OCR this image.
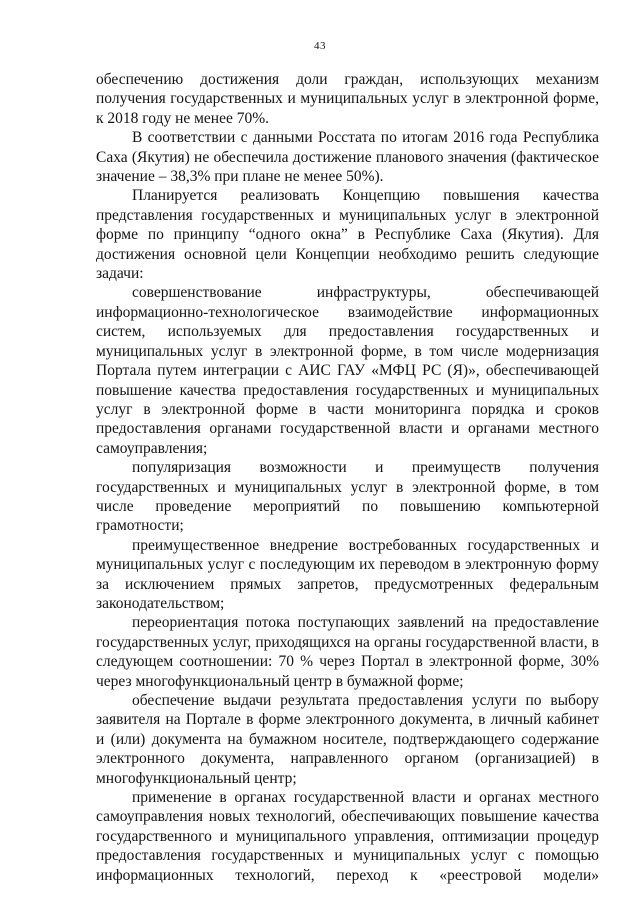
43

обеспечению достижения доли граждан, использующих механизм получения государственных и муниципальных услуг в электронной форме, к 2018 году не менее 70%.

В соответствии с данными Росстата по итогам 2016 года Республика Саха (Якутия) не обеспечила достижение планового значения (фактическое значение – 38,3% при плане не менее 50%).

Планируется реализовать Концепцию повышения качества представления государственных и муниципальных услуг в электронной форме по принципу “одного окна” в Республике Саха (Якутия). Для достижения основной цели Концепции необходимо решить следующие задачи:

совершенствование инфраструктуры, обеспечивающей информационно-технологическое взаимодействие информационных систем, используемых для предоставления государственных и муниципальных услуг в электронной форме, в том числе модернизация Портала путем интеграции с АИС ГАУ «МФЦ РС (Я)», обеспечивающей повышение качества предоставления государственных и муниципальных услуг в электронной форме в части мониторинга порядка и сроков предоставления органами государственной власти и органами местного самоуправления;

популяризация возможности и преимуществ получения государственных и муниципальных услуг в электронной форме, в том числе проведение мероприятий по повышению компьютерной грамотности;

преимущественное внедрение востребованных государственных и муниципальных услуг с последующим их переводом в электронную форму за исключением прямых запретов, предусмотренных федеральным законодательством;

переориентация потока поступающих заявлений на предоставление государственных услуг, приходящихся на органы государственной власти, в следующем соотношении: 70 % через Портал в электронной форме, 30% через многофункциональный центр в бумажной форме;

обеспечение выдачи результата предоставления услуги по выбору заявителя на Портале в форме электронного документа, в личный кабинет и (или) документа на бумажном носителе, подтверждающего содержание электронного документа, направленного органом (организацией) в многофункциональный центр;

применение в органах государственной власти и органах местного самоуправления новых технологий, обеспечивающих повышение качества государственного и муниципального управления, оптимизации процедур предоставления государственных и муниципальных услуг с помощью информационных технологий, переход к «реестровой модели»
